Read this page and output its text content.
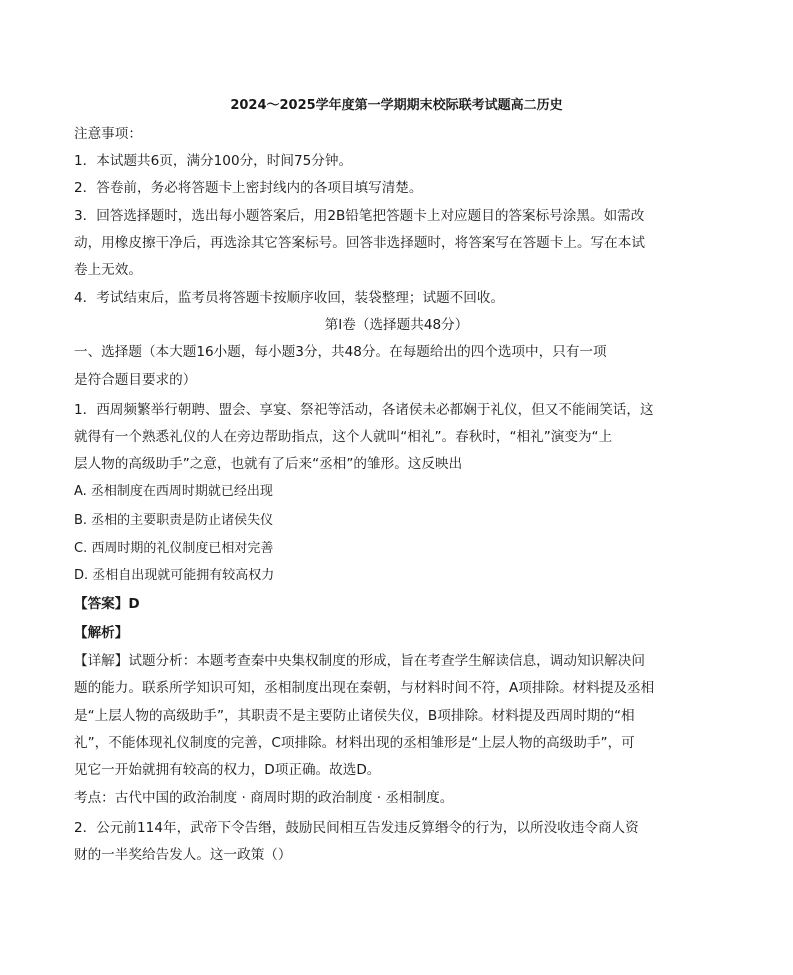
2024～2025学年度第一学期期末校际联考试题高二历史
注意事项：
1．本试题共6页，满分100分，时间75分钟。
2．答卷前，务必将答题卡上密封线内的各项目填写清楚。
3．回答选择题时，选出每小题答案后，用2B铅笔把答题卡上对应题目的答案标号涂黑。如需改
动，用橡皮擦干净后，再选涂其它答案标号。回答非选择题时，将答案写在答题卡上。写在本试
卷上无效。
4．考试结束后，监考员将答题卡按顺序收回，装袋整理；试题不回收。
第Ⅰ卷（选择题共48分）
一、选择题（本大题16小题，每小题3分，共48分。在每题给出的四个选项中，只有一项
是符合题目要求的）
1．西周频繁举行朝聘、盟会、享宴、祭祀等活动，各诸侯未必都娴于礼仪，但又不能闹笑话，这
就得有一个熟悉礼仪的人在旁边帮助指点，这个人就叫“相礼”。春秋时，“相礼”演变为“上
层人物的高级助手”之意，也就有了后来“丞相”的雏形。这反映出
A. 丞相制度在西周时期就已经出现
B. 丞相的主要职责是防止诸侯失仪
C. 西周时期的礼仪制度已相对完善
D. 丞相自出现就可能拥有较高权力
【答案】D
【解析】
【详解】试题分析：本题考查秦中央集权制度的形成，旨在考查学生解读信息，调动知识解决问
题的能力。联系所学知识可知，丞相制度出现在秦朝，与材料时间不符，A项排除。材料提及丞相
是“上层人物的高级助手”，其职责不是主要防止诸侯失仪，B项排除。材料提及西周时期的“相
礼”，不能体现礼仪制度的完善，C项排除。材料出现的丞相雏形是“上层人物的高级助手”，可
见它一开始就拥有较高的权力，D项正确。故选D。
考点：古代中国的政治制度 · 商周时期的政治制度 · 丞相制度。
2．公元前114年，武帝下令告缗，鼓励民间相互告发违反算缗令的行为，以所没收违令商人资
财的一半奖给告发人。这一政策（）
